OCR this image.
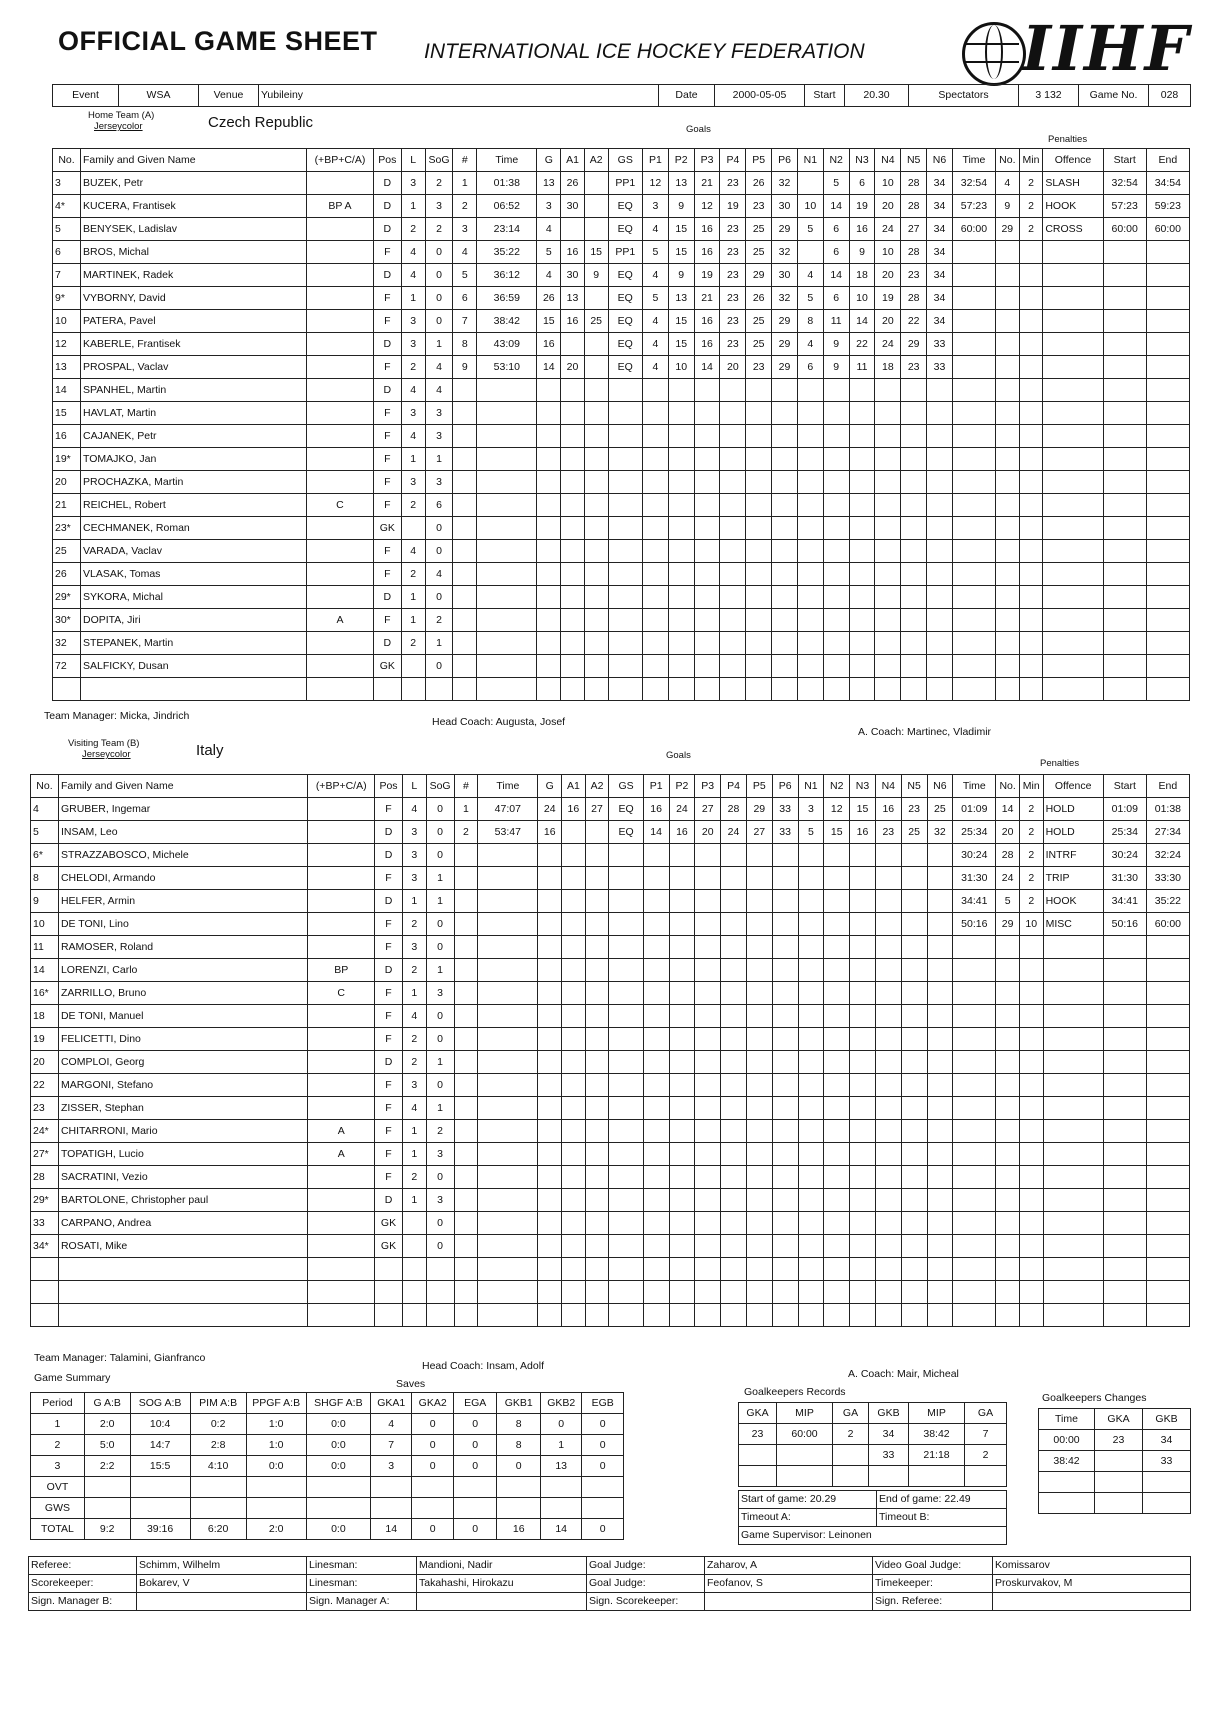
OFFICIAL GAME SHEET INTERNATIONAL ICE HOCKEY FEDERATION	IIHF
Event	WSA	Venue	Yubileiny	Date	2000-05-05	Start	20.30	Spectators	3 132	Game No.	028
Home Team (A)
Jerseycolor	Czech Republic	Goals
Penalties
No.	Family and Given Name	(+BP+C/A)	Pos	L	SoG	#	Time	G	A1	A2	GS	P1	P2	P3	P4	P5	P6	N1	N2	N3	N4	N5	N6	Time	No.	Min	Offence	Start	End
3	BUZEK, Petr		D	3	2	1	01:38	13	26		PP1	12	13	21	23	26	32		5	6	10	28	34	32:54	4	2	SLASH	32:54	34:54
4*	KUCERA, Frantisek	BP A	D	1	3	2	06:52	3	30		EQ	3	9	12	19	23	30	10	14	19	20	28	34	57:23	9	2	HOOK	57:23	59:23
5	BENYSEK, Ladislav		D	2	2	3	23:14	4			EQ	4	15	16	23	25	29	5	6	16	24	27	34	60:00	29	2	CROSS	60:00	60:00
6	BROS, Michal		F	4	0	4	35:22	5	16	15	PP1	5	15	16	23	25	32		6	9	10	28	34						
7	MARTINEK, Radek		D	4	0	5	36:12	4	30	9	EQ	4	9	19	23	29	30	4	14	18	20	23	34						
9*	VYBORNY, David		F	1	0	6	36:59	26	13		EQ	5	13	21	23	26	32	5	6	10	19	28	34						
10	PATERA, Pavel		F	3	0	7	38:42	15	16	25	EQ	4	15	16	23	25	29	8	11	14	20	22	34						
12	KABERLE, Frantisek		D	3	1	8	43:09	16			EQ	4	15	16	23	25	29	4	9	22	24	29	33						
13	PROSPAL, Vaclav		F	2	4	9	53:10	14	20		EQ	4	10	14	20	23	29	6	9	11	18	23	33						
14	SPANHEL, Martin		D	4	4																								
15	HAVLAT, Martin		F	3	3																								
16	CAJANEK, Petr		F	4	3																								
19*	TOMAJKO, Jan		F	1	1																								
20	PROCHAZKA, Martin		F	3	3																								
21	REICHEL, Robert	C	F	2	6																								
23*	CECHMANEK, Roman		GK		0																								
25	VARADA, Vaclav		F	4	0																								
26	VLASAK, Tomas		F	2	4																								
29*	SYKORA, Michal		D	1	0																								
30*	DOPITA, Jiri	A	F	1	2																								
32	STEPANEK, Martin		D	2	1																								
72	SALFICKY, Dusan		GK		0																								

Team Manager: Micka, Jindrich	Head Coach: Augusta, Josef
A. Coach: Martinec, Vladimir
Visiting Team (B)
Jerseycolor	Italy	Goals
Penalties
No.	Family and Given Name	(+BP+C/A)	Pos	L	SoG	#	Time	G	A1	A2	GS	P1	P2	P3	P4	P5	P6	N1	N2	N3	N4	N5	N6	Time	No.	Min	Offence	Start	End
4	GRUBER, Ingemar		F	4	0	1	47:07	24	16	27	EQ	16	24	27	28	29	33	3	12	15	16	23	25	01:09	14	2	HOLD	01:09	01:38
5	INSAM, Leo		D	3	0	2	53:47	16			EQ	14	16	20	24	27	33	5	15	16	23	25	32	25:34	20	2	HOLD	25:34	27:34
6*	STRAZZABOSCO, Michele		D	3	0																			30:24	28	2	INTRF	30:24	32:24
8	CHELODI, Armando		F	3	1																			31:30	24	2	TRIP	31:30	33:30
9	HELFER, Armin		D	1	1																			34:41	5	2	HOOK	34:41	35:22
10	DE TONI, Lino		F	2	0																			50:16	29	10	MISC	50:16	60:00
11	RAMOSER, Roland		F	3	0																								
14	LORENZI, Carlo	BP	D	2	1																								
16*	ZARRILLO, Bruno	C	F	1	3																								
18	DE TONI, Manuel		F	4	0																								
19	FELICETTI, Dino		F	2	0																								
20	COMPLOI, Georg		D	2	1																								
22	MARGONI, Stefano		F	3	0																								
23	ZISSER, Stephan		F	4	1																								
24*	CHITARRONI, Mario	A	F	1	2																								
27*	TOPATIGH, Lucio	A	F	1	3																								
28	SACRATINI, Vezio		F	2	0																								
29*	BARTOLONE, Christopher paul		D	1	3																								
33	CARPANO, Andrea		GK		0																								
34*	ROSATI, Mike		GK		0																								

Team Manager: Talamini, Gianfranco
Head Coach: Insam, Adolf
A. Coach: Mair, Micheal
Game Summary	Saves
Period	G A:B	SOG A:B	PIM A:B	PPGF A:B	SHGF A:B	GKA1	GKA2	EGA	GKB1	GKB2	EGB
1	2:0	10:4	0:2	1:0	0:0	4	0	0	8	0	0
2	5:0	14:7	2:8	1:0	0:0	7	0	0	8	1	0
3	2:2	15:5	4:10	0:0	0:0	3	0	0	0	13	0
OVT											
GWS											
TOTAL	9:2	39:16	6:20	2:0	0:0	14	0	0	16	14	0
Goalkeepers Records
GKA	MIP	GA	GKB	MIP	GA
23	60:00	2	34	38:42	7
			33	21:18	2

Start of game: 20.29	End of game: 22.49
Timeout A:	Timeout B:
Game Supervisor: Leinonen	
Goalkeepers Changes
Time	GKA	GKB
00:00	23	34
38:42		33

Referee:	Schimm, Wilhelm	Linesman:	Mandioni, Nadir	Goal Judge:	Zaharov, A	Video Goal Judge:	Komissarov
Scorekeeper:	Bokarev, V	Linesman:	Takahashi, Hirokazu	Goal Judge:	Feofanov, S	Timekeeper:	Proskurvakov, M
Sign. Manager B:		Sign. Manager A:		Sign. Scorekeeper:		Sign. Referee:	
